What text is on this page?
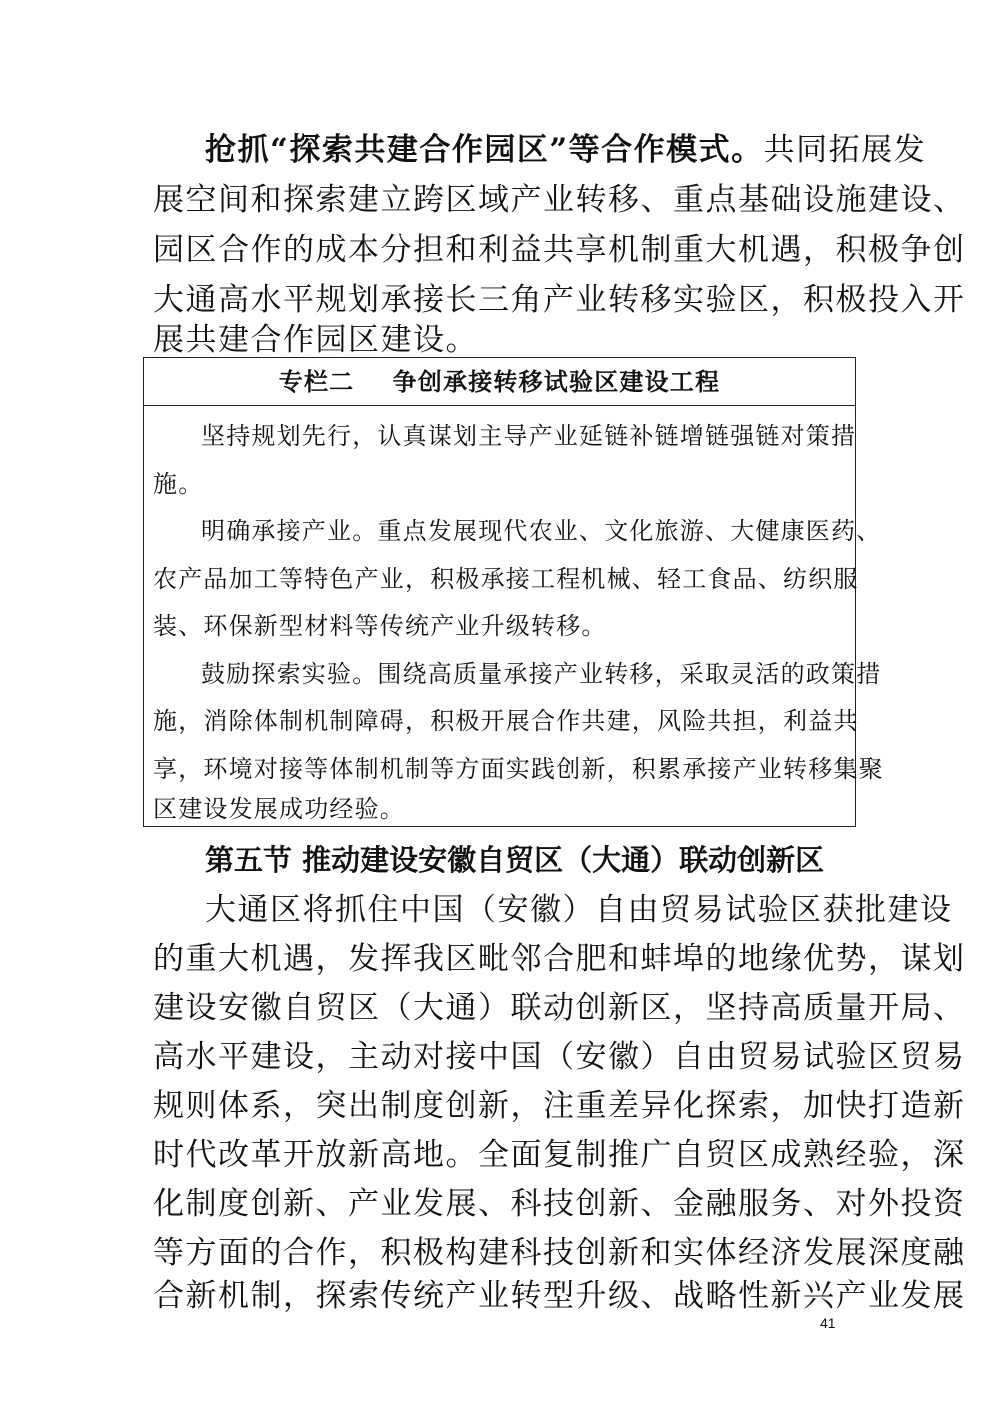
抢抓“探索共建合作园区”等合作模式。共同拓展发
展空间和探索建立跨区域产业转移、重点基础设施建设、
园区合作的成本分担和利益共享机制重大机遇，积极争创
大通高水平规划承接长三角产业转移实验区，积极投入开
展共建合作园区建设。
专栏二    争创承接转移试验区建设工程
坚持规划先行，认真谋划主导产业延链补链增链强链对策措
施。
明确承接产业。重点发展现代农业、文化旅游、大健康医药、
农产品加工等特色产业，积极承接工程机械、轻工食品、纺织服
装、环保新型材料等传统产业升级转移。
鼓励探索实验。围绕高质量承接产业转移，采取灵活的政策措
施，消除体制机制障碍，积极开展合作共建，风险共担，利益共
享，环境对接等体制机制等方面实践创新，积累承接产业转移集聚
区建设发展成功经验。
第五节 推动建设安徽自贸区（大通）联动创新区
大通区将抓住中国（安徽）自由贸易试验区获批建设
的重大机遇，发挥我区毗邻合肥和蚌埠的地缘优势，谋划
建设安徽自贸区（大通）联动创新区，坚持高质量开局、
高水平建设，主动对接中国（安徽）自由贸易试验区贸易
规则体系，突出制度创新，注重差异化探索，加快打造新
时代改革开放新高地。全面复制推广自贸区成熟经验，深
化制度创新、产业发展、科技创新、金融服务、对外投资
等方面的合作，积极构建科技创新和实体经济发展深度融
合新机制，探索传统产业转型升级、战略性新兴产业发展
41
